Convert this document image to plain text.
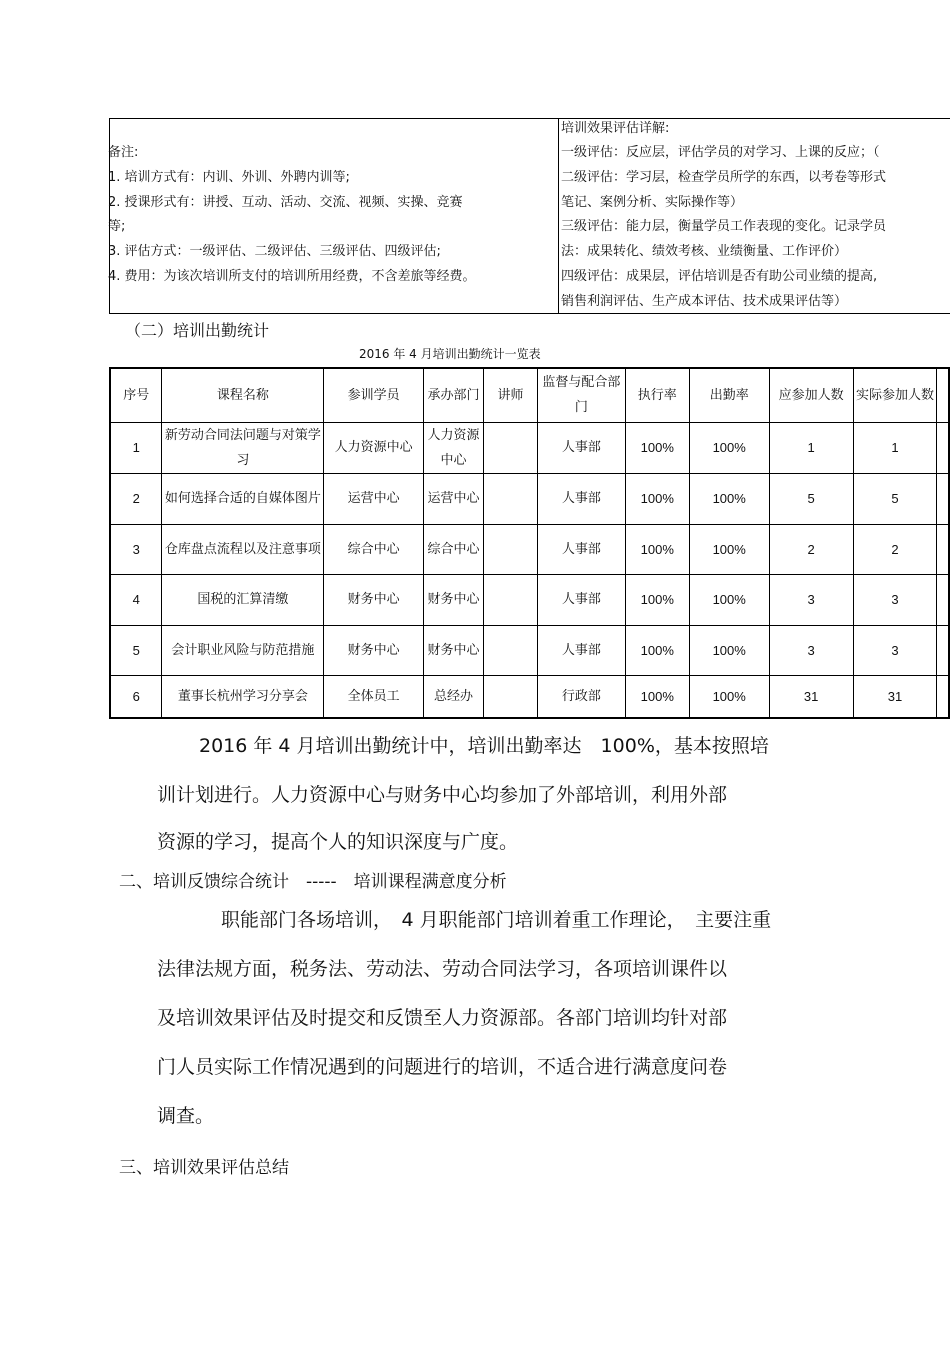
备注:
1. 培训方式有：内训、外训、外聘内训等;
2. 授课形式有：讲授、互动、活动、交流、视频、实操、竞赛
等;
3. 评估方式：一级评估、二级评估、三级评估、四级评估;
4. 费用：为该次培训所支付的培训所用经费，不含差旅等经费。
培训效果评估详解:
一级评估：反应层，评估学员的对学习、上课的反应；（
二级评估：学习层，检查学员所学的东西，以考卷等形式
笔记、案例分析、实际操作等）
三级评估：能力层，衡量学员工作表现的变化。记录学员
法：成果转化、绩效考核、业绩衡量、工作评价）
四级评估：成果层，评估培训是否有助公司业绩的提高,
销售利润评估、生产成本评估、技术成果评估等）
（二）培训出勤统计
2016 年 4 月培训出勤统计一览表
序号	课程名称	参训学员	承办部门	讲师	监督与配合部门	执行率	出勤率	应参加人数	实际参加人数	
1	新劳动合同法问题与对策学习	人力资源中心	人力资源中心		人事部	100%	100%	1	1	
2	如何选择合适的自媒体图片	运营中心	运营中心		人事部	100%	100%	5	5	
3	仓库盘点流程以及注意事项	综合中心	综合中心		人事部	100%	100%	2	2	
4	国税的汇算清缴	财务中心	财务中心		人事部	100%	100%	3	3	
5	会计职业风险与防范措施	财务中心	财务中心		人事部	100%	100%	3	3	
6	董事长杭州学习分享会	全体员工	总经办		行政部	100%	100%	31	31	
2016 年 4 月培训出勤统计中，培训出勤率达　100%，基本按照培
训计划进行。人力资源中心与财务中心均参加了外部培训，利用外部
资源的学习，提高个人的知识深度与广度。
二、培训反馈综合统计　-----　培训课程满意度分析
职能部门各场培训，　4 月职能部门培训着重工作理论，　主要注重
法律法规方面，税务法、劳动法、劳动合同法学习，各项培训课件以
及培训效果评估及时提交和反馈至人力资源部。各部门培训均针对部
门人员实际工作情况遇到的问题进行的培训，不适合进行满意度问卷
调查。
三、培训效果评估总结
